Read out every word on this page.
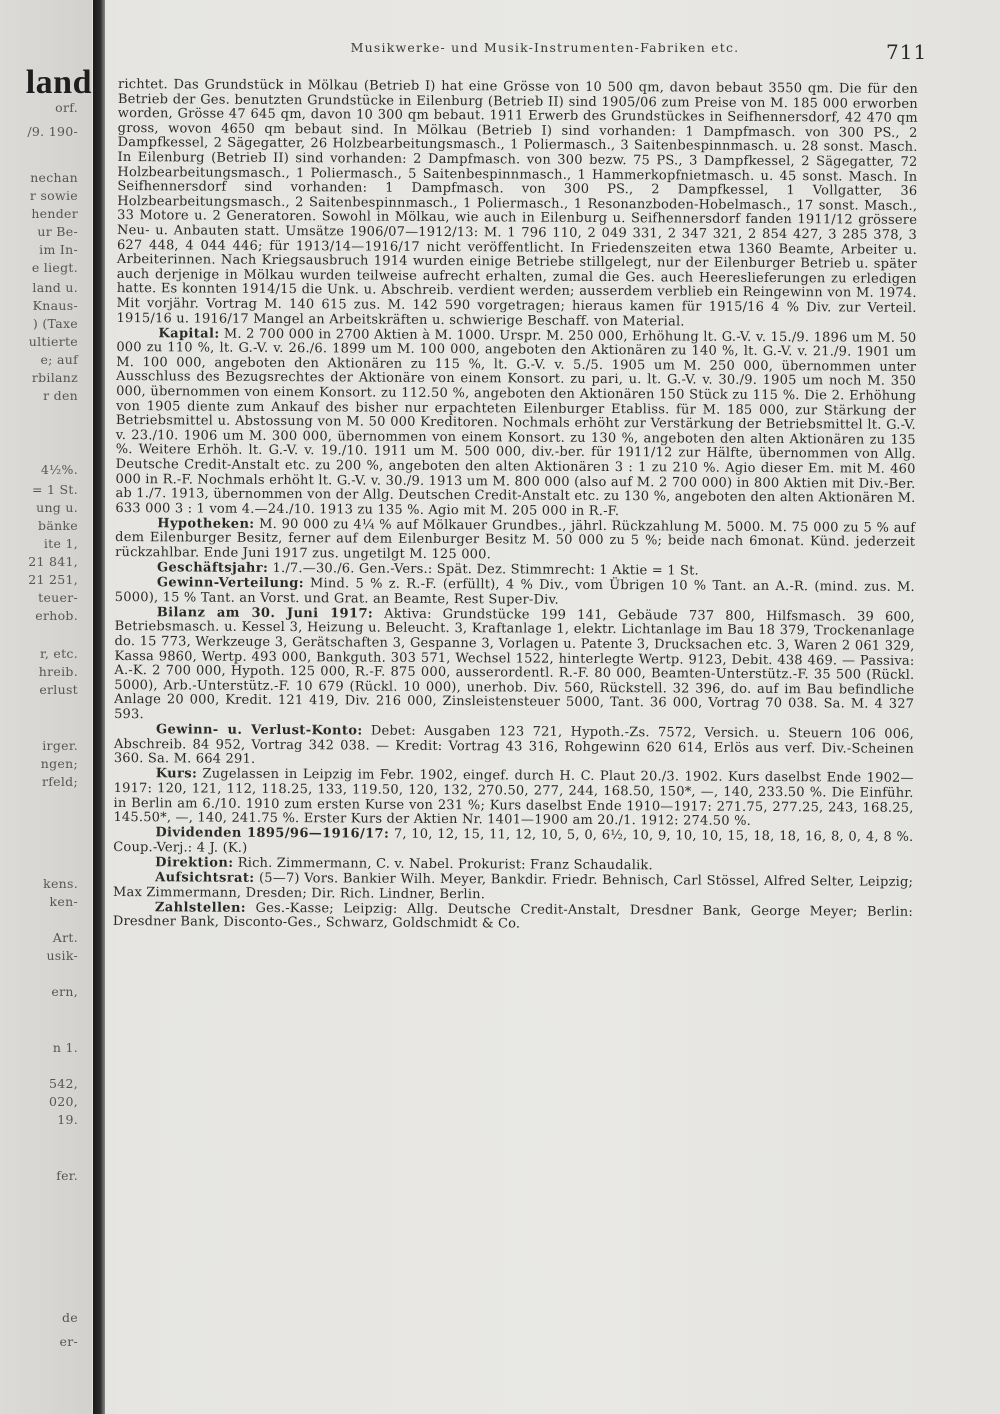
land
orf.
/9. 190-
nechan
r sowie
hender
ur Be-
im In-
e liegt.
land u.
Knaus-
) (Taxe
ultierte
e; auf
rbilanz
r den
4½%.
= 1 St.
ung u.
bänke
ite 1,
21 841,
21 251,
teuer-
erhob.
r, etc.
hreib.
erlust
irger.
ngen;
rfeld;
kens.
ken-
Art.
usik-
ern,
n 1.
542,
020,
19.
fer.
de
er-
Musikwerke- und Musik-Instrumenten-Fabriken etc.	711

richtet. Das Grundstück in Mölkau (Betrieb I) hat eine Grösse von 10 500 qm, davon bebaut 3550 qm. Die für den Betrieb der Ges. benutzten Grundstücke in Eilenburg (Betrieb II) sind 1905/06 zum Preise von M. 185 000 erworben worden, Grösse 47 645 qm, davon 10 300 qm bebaut. 1911 Erwerb des Grundstückes in Seifhennersdorf, 42 470 qm gross, wovon 4650 qm bebaut sind. In Mölkau (Betrieb I) sind vorhanden: 1 Dampfmasch. von 300 PS., 2 Dampfkessel, 2 Sägegatter, 26 Holzbearbeitungsmasch., 1 Poliermasch., 3 Saitenbespinnmasch. u. 28 sonst. Masch. In Eilenburg (Betrieb II) sind vorhanden: 2 Dampfmasch. von 300 bezw. 75 PS., 3 Dampfkessel, 2 Sägegatter, 72 Holzbearbeitungsmasch., 1 Poliermasch., 5 Saitenbespinnmasch., 1 Hammerkopfnietmasch. u. 45 sonst. Masch. In Seifhennersdorf sind vorhanden: 1 Dampfmasch. von 300 PS., 2 Dampfkessel, 1 Vollgatter, 36 Holzbearbeitungsmasch., 2 Saitenbespinnmasch., 1 Poliermasch., 1 Resonanzboden-Hobelmasch., 17 sonst. Masch., 33 Motore u. 2 Generatoren. Sowohl in Mölkau, wie auch in Eilenburg u. Seifhennersdorf fanden 1911/12 grössere Neu- u. Anbauten statt. Umsätze 1906/07—1912/13: M. 1 796 110, 2 049 331, 2 347 321, 2 854 427, 3 285 378, 3 627 448, 4 044 446; für 1913/14—1916/17 nicht veröffentlicht. In Friedenszeiten etwa 1360 Beamte, Arbeiter u. Arbeiterinnen. Nach Kriegsausbruch 1914 wurden einige Betriebe stillgelegt, nur der Eilenburger Betrieb u. später auch derjenige in Mölkau wurden teilweise aufrecht erhalten, zumal die Ges. auch Heereslieferungen zu erledigen hatte. Es konnten 1914/15 die Unk. u. Abschreib. verdient werden; ausserdem verblieb ein Reingewinn von M. 1974. Mit vorjähr. Vortrag M. 140 615 zus. M. 142 590 vorgetragen; hieraus kamen für 1915/16 4 % Div. zur Verteil. 1915/16 u. 1916/17 Mangel an Arbeitskräften u. schwierige Beschaff. von Material.

Kapital: M. 2 700 000 in 2700 Aktien à M. 1000. Urspr. M. 250 000, Erhöhung lt. G.-V. v. 15./9. 1896 um M. 50 000 zu 110 %, lt. G.-V. v. 26./6. 1899 um M. 100 000, angeboten den Aktionären zu 140 %, lt. G.-V. v. 21./9. 1901 um M. 100 000, angeboten den Aktionären zu 115 %, lt. G.-V. v. 5./5. 1905 um M. 250 000, übernommen unter Ausschluss des Bezugsrechtes der Aktionäre von einem Konsort. zu pari, u. lt. G.-V. v. 30./9. 1905 um noch M. 350 000, übernommen von einem Konsort. zu 112.50 %, angeboten den Aktionären 150 Stück zu 115 %. Die 2. Erhöhung von 1905 diente zum Ankauf des bisher nur erpachteten Eilenburger Etabliss. für M. 185 000, zur Stärkung der Betriebsmittel u. Abstossung von M. 50 000 Kreditoren. Nochmals erhöht zur Verstärkung der Betriebsmittel lt. G.-V. v. 23./10. 1906 um M. 300 000, übernommen von einem Konsort. zu 130 %, angeboten den alten Aktionären zu 135 %. Weitere Erhöh. lt. G.-V. v. 19./10. 1911 um M. 500 000, div.-ber. für 1911/12 zur Hälfte, übernommen von Allg. Deutsche Credit-Anstalt etc. zu 200 %, angeboten den alten Aktionären 3 : 1 zu 210 %. Agio dieser Em. mit M. 460 000 in R.-F. Nochmals erhöht lt. G.-V. v. 30./9. 1913 um M. 800 000 (also auf M. 2 700 000) in 800 Aktien mit Div.-Ber. ab 1./7. 1913, übernommen von der Allg. Deutschen Credit-Anstalt etc. zu 130 %, angeboten den alten Aktionären M. 633 000 3 : 1 vom 4.—24./10. 1913 zu 135 %. Agio mit M. 205 000 in R.-F.

Hypotheken: M. 90 000 zu 4¼ % auf Mölkauer Grundbes., jährl. Rückzahlung M. 5000. M. 75 000 zu 5 % auf dem Eilenburger Besitz, ferner auf dem Eilenburger Besitz M. 50 000 zu 5 %; beide nach 6monat. Künd. jederzeit rückzahlbar. Ende Juni 1917 zus. ungetilgt M. 125 000.

Geschäftsjahr: 1./7.—30./6. Gen.-Vers.: Spät. Dez. Stimmrecht: 1 Aktie = 1 St.

Gewinn-Verteilung: Mind. 5 % z. R.-F. (erfüllt), 4 % Div., vom Übrigen 10 % Tant. an A.-R. (mind. zus. M. 5000), 15 % Tant. an Vorst. und Grat. an Beamte, Rest Super-Div.

Bilanz am 30. Juni 1917: Aktiva: Grundstücke 199 141, Gebäude 737 800, Hilfsmasch. 39 600, Betriebsmasch. u. Kessel 3, Heizung u. Beleucht. 3, Kraftanlage 1, elektr. Lichtanlage im Bau 18 379, Trockenanlage do. 15 773, Werkzeuge 3, Gerätschaften 3, Gespanne 3, Vorlagen u. Patente 3, Drucksachen etc. 3, Waren 2 061 329, Kassa 9860, Wertp. 493 000, Bankguth. 303 571, Wechsel 1522, hinterlegte Wertp. 9123, Debit. 438 469. — Passiva: A.-K. 2 700 000, Hypoth. 125 000, R.-F. 875 000, ausserordentl. R.-F. 80 000, Beamten-Unterstütz.-F. 35 500 (Rückl. 5000), Arb.-Unterstütz.-F. 10 679 (Rückl. 10 000), unerhob. Div. 560, Rückstell. 32 396, do. auf im Bau befindliche Anlage 20 000, Kredit. 121 419, Div. 216 000, Zinsleistensteuer 5000, Tant. 36 000, Vortrag 70 038. Sa. M. 4 327 593.

Gewinn- u. Verlust-Konto: Debet: Ausgaben 123 721, Hypoth.-Zs. 7572, Versich. u. Steuern 106 006, Abschreib. 84 952, Vortrag 342 038. — Kredit: Vortrag 43 316, Rohgewinn 620 614, Erlös aus verf. Div.-Scheinen 360. Sa. M. 664 291.

Kurs: Zugelassen in Leipzig im Febr. 1902, eingef. durch H. C. Plaut 20./3. 1902. Kurs daselbst Ende 1902—1917: 120, 121, 112, 118.25, 133, 119.50, 120, 132, 270.50, 277, 244, 168.50, 150*, —, 140, 233.50 %. Die Einführ. in Berlin am 6./10. 1910 zum ersten Kurse von 231 %; Kurs daselbst Ende 1910—1917: 271.75, 277.25, 243, 168.25, 145.50*, —, 140, 241.75 %. Erster Kurs der Aktien Nr. 1401—1900 am 20./1. 1912: 274.50 %.

Dividenden 1895/96—1916/17: 7, 10, 12, 15, 11, 12, 10, 5, 0, 6½, 10, 9, 10, 10, 15, 18, 18, 16, 8, 0, 4, 8 %. Coup.-Verj.: 4 J. (K.)

Direktion: Rich. Zimmermann, C. v. Nabel. Prokurist: Franz Schaudalik.

Aufsichtsrat: (5—7) Vors. Bankier Wilh. Meyer, Bankdir. Friedr. Behnisch, Carl Stössel, Alfred Selter, Leipzig; Max Zimmermann, Dresden; Dir. Rich. Lindner, Berlin.

Zahlstellen: Ges.-Kasse; Leipzig: Allg. Deutsche Credit-Anstalt, Dresdner Bank, George Meyer; Berlin: Dresdner Bank, Disconto-Ges., Schwarz, Goldschmidt & Co.
